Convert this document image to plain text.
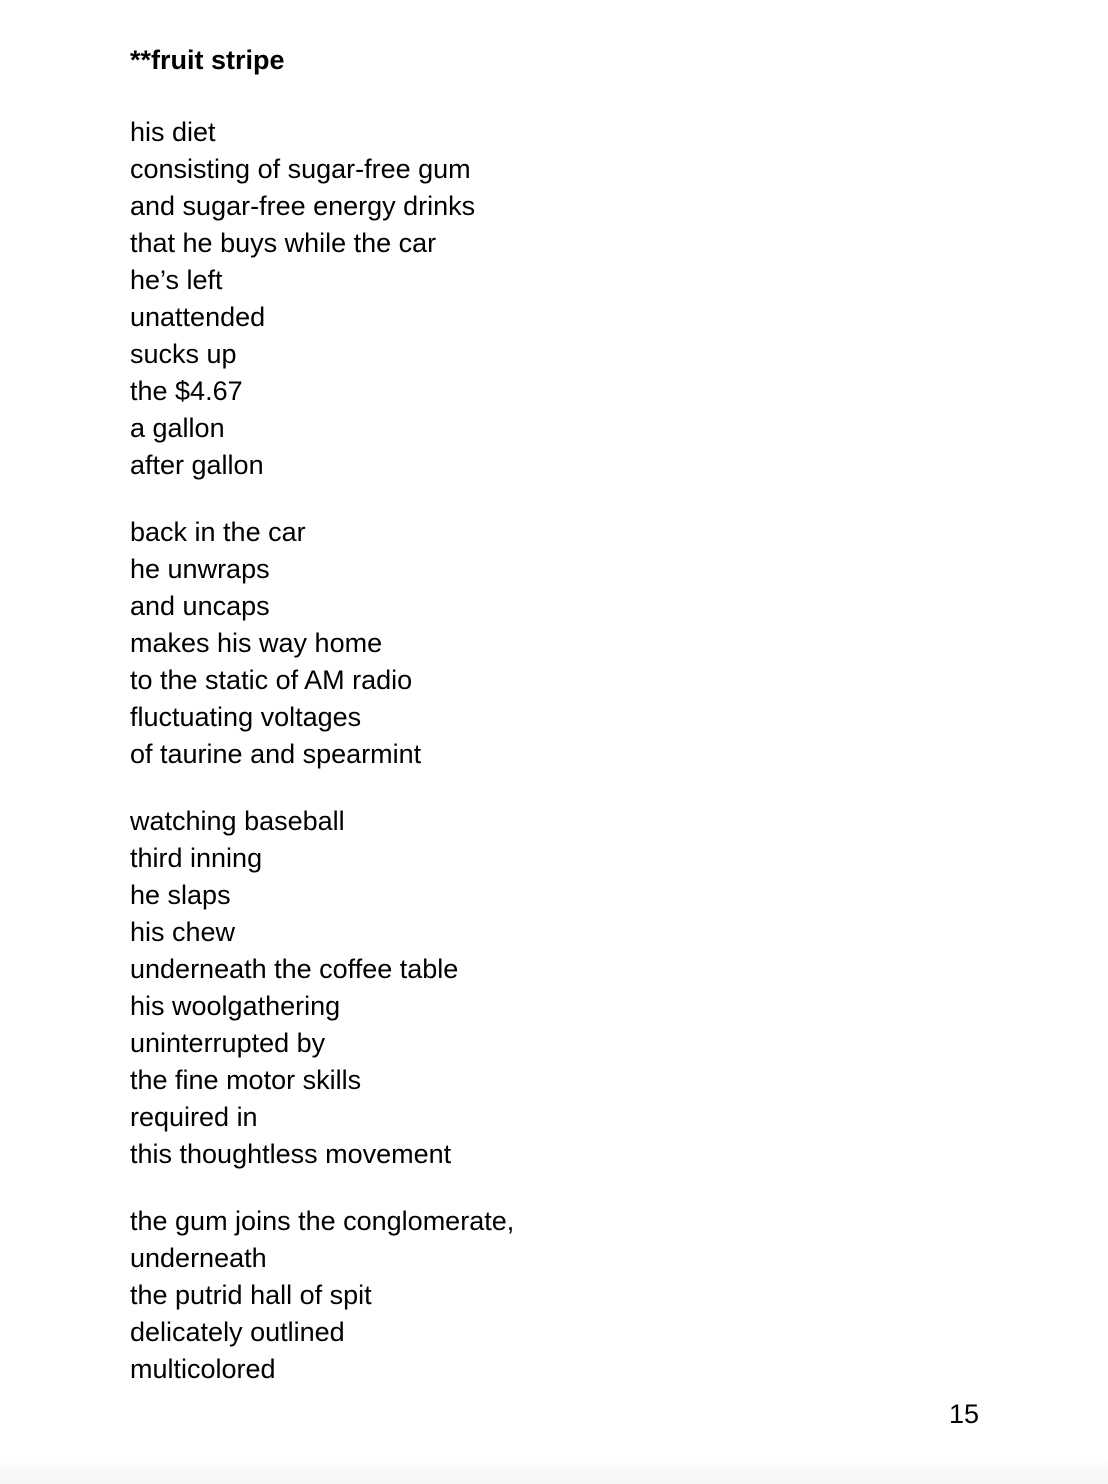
**fruit stripe
his diet
consisting of sugar-free gum
and sugar-free energy drinks
that he buys while the car
he’s left
unattended
sucks up
the $4.67
a gallon
after gallon
back in the car
he unwraps
and uncaps
makes his way home
to the static of AM radio
fluctuating voltages
of taurine and spearmint
watching baseball
third inning
he slaps
his chew
underneath the coffee table
his woolgathering
uninterrupted by
the fine motor skills
required in
this thoughtless movement
the gum joins the conglomerate,
underneath
the putrid hall of spit
delicately outlined
multicolored
15
